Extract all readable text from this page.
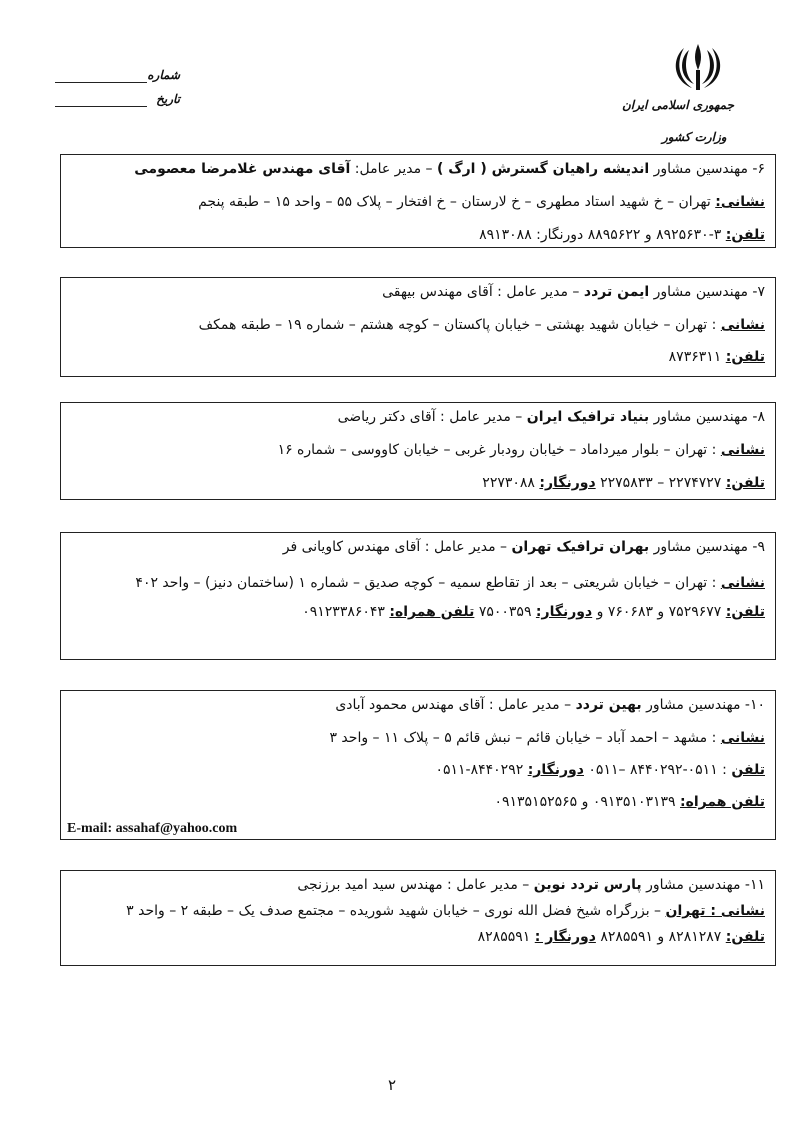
جمهوری اسلامی ایران
وزارت کشور
شماره
تاریخ
۶- مهندسین مشاور اندیشه راهیان گسترش ( ارگ ) – مدیر عامل: آقای مهندس غلامرضا معصومی
نشانی: تهران – خ شهید استاد مطهری – خ لارستان – خ افتخار – پلاک ۵۵ – واحد ۱۵ – طبقه پنجم
تلفن: ۳-۸۹۲۵۶۳۰ و ۸۸۹۵۶۲۲ دورنگار: ۸۹۱۳۰۸۸
۷- مهندسین مشاور ایمن تردد – مدیر عامل : آقای مهندس بیهقی
نشانی : تهران – خیابان شهید بهشتی – خیابان پاکستان – کوچه هشتم – شماره ۱۹ – طبقه همکف
تلفن: ۸۷۳۶۳۱۱
۸- مهندسین مشاور بنیاد ترافیک ایران – مدیر عامل : آقای دکتر ریاضی
نشانی : تهران – بلوار میرداماد – خیابان رودبار غربی – خیابان کاووسی – شماره ۱۶
تلفن: ۲۲۷۴۷۲۷ – ۲۲۷۵۸۳۳ دورنگار: ۲۲۷۳۰۸۸
۹- مهندسین مشاور بهران ترافیک تهران – مدیر عامل : آقای مهندس کاویانی فر
نشانی : تهران – خیابان شریعتی – بعد از تقاطع سمیه – کوچه صدیق – شماره ۱ (ساختمان دنیز) – واحد ۴۰۲
تلفن: ۷۵۲۹۶۷۷ و ۷۶۰۶۸۳ و دورنگار: ۷۵۰۰۳۵۹ تلفن همراه: ۰۹۱۲۳۳۸۶۰۴۳
۱۰- مهندسین مشاور بهین تردد – مدیر عامل : آقای مهندس محمود آبادی
نشانی : مشهد – احمد آباد – خیابان قائم – نبش قائم ۵ – پلاک ۱۱ – واحد ۳
تلفن : ۰۵۱۱-۸۴۴۰۲۹۲ –۰۵۱۱ دورنگار: ۸۴۴۰۲۹۲-۰۵۱۱
تلفن همراه: ۰۹۱۳۵۱۰۳۱۳۹ و ۰۹۱۳۵۱۵۲۵۶۵
E-mail: assahaf@yahoo.com
۱۱- مهندسین مشاور پارس تردد نوین – مدیر عامل : مهندس سید امید برزنجی
نشانی : تهران – بزرگراه شیخ فضل الله نوری – خیابان شهید شوریده – مجتمع صدف یک – طبقه ۲ – واحد ۳
تلفن: ۸۲۸۱۲۸۷ و ۸۲۸۵۵۹۱ دورنگار : ۸۲۸۵۵۹۱
۲
